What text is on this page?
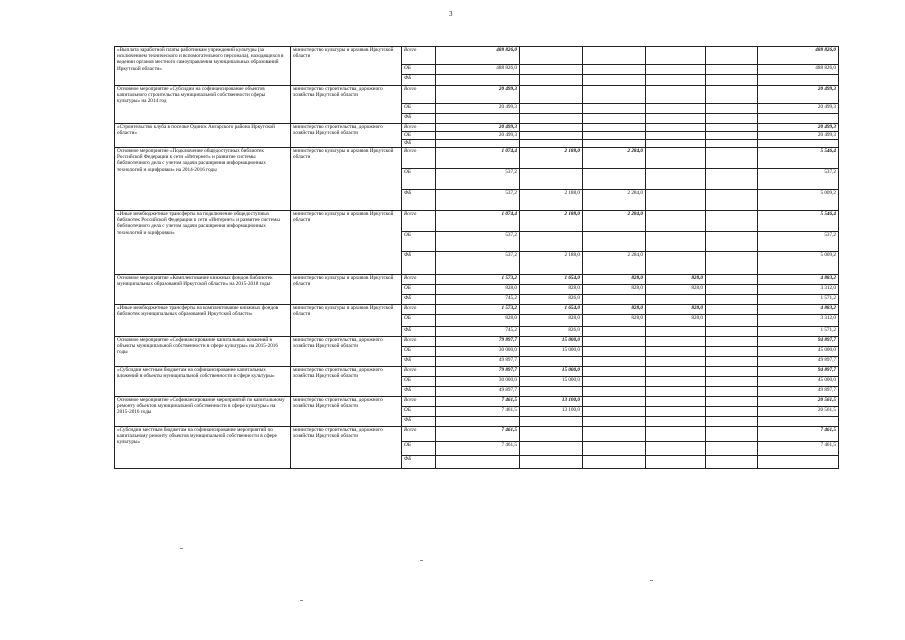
3
«Выплата заработной платы работникам учреждений культуры (за исключением технического и вспомогательного персонала), находящихся в ведении органов местного самоуправления муниципальных образований Иркутской области»	министерство культуры и архивов Иркутской области	Всего	488 826,0					488 826,0
		ОБ	488 826,0					488 826,0
		ФБ						
Основное мероприятие «Субсидии на софинансирование объектов капитального строительства муниципальной собственности сферы культуры» на 2014 год	министерство строительства, дорожного хозяйства Иркутской области	Всего	20 499,3					20 499,3
		ОБ	20 499,3					20 499,3
		ФБ						
«Строительство клуба в поселке Одинск Ангарского района Иркутской области»	министерство строительства, дорожного хозяйства Иркутской области	Всего	20 499,3					20 499,3
		ОБ	20 499,3					20 499,3
		ФБ						
Основное мероприятие «Подключение общедоступных библиотек Российской Федерации к сети «Интернет» и развитие системы библиотечного дела с учетом задачи расширения информационных технологий и оцифровки» на 2014-2016 годы	министерство культуры и архивов Иркутской области	Всего	1 074,4	2 188,0	2 284,0			5 546,4
		ОБ	537,2					537,2
		ФБ	537,2	2 188,0	2 284,0			5 009,2
«Иные межбюджетные трансферты на подключение общедоступных библиотек Российской Федерации к сети «Интернет» и развитие системы библиотечного дела с учетом задачи расширения информационных технологий и оцифровки»	министерство культуры и архивов Иркутской области	Всего	1 074,4	2 188,0	2 284,0			5 546,4
		ОБ	537,2					537,2
		ФБ	537,2	2 188,0	2 284,0			5 009,2
Основное мероприятие «Комплектование книжных фондов библиотек муниципальных образований Иркутской области» на 2015-2018 годы	министерство культуры и архивов Иркутской области	Всего	1 573,2	1 654,0	828,0	828,0		4 883,2
		ОБ	828,0	828,0	828,0	828,0		3 312,0
		ФБ	745,2	826,0				1 571,2
«Иные межбюджетные трансферты на комплектование книжных фондов библиотек муниципальных образований Иркутской области»	министерство культуры и архивов Иркутской области	Всего	1 573,2	1 654,0	828,0	828,0		4 883,2
		ОБ	828,0	828,0	828,0	828,0		3 312,0
		ФБ	745,2	826,0				1 571,2
Основное мероприятие «Софинансирование капитальных вложений в объекты муниципальной собственности в сфере культуры» на 2015-2016 годы	министерство строительства, дорожного хозяйства Иркутской области	Всего	79 897,7	15 000,0				94 897,7
		ОБ	30 000,0	15 000,0				45 000,0
		ФБ	49 897,7					49 897,7
«Субсидии местным бюджетам на софинансирование капитальных вложений в объекты муниципальной собственности в сфере культуры»	министерство строительства, дорожного хозяйства Иркутской области	Всего	79 897,7	15 000,0				94 897,7
		ОБ	30 000,0	15 000,0				45 000,0
		ФБ	49 897,7					49 897,7
Основное мероприятие «Софинансирование мероприятий по капитальному ремонту объектов муниципальной собственности в сфере культуры» на 2015-2016 годы	министерство строительства, дорожного хозяйства Иркутской области	Всего	7 461,5	13 100,0				20 561,5
		ОБ	7 461,5	13 100,0				20 561,5
		ФБ						
«Субсидии местным бюджетам на софинансирование мероприятий по капитальному ремонту объектов муниципальной собственности в сфере культуры»	министерство строительства, дорожного хозяйства Иркутской области	Всего	7 461,5					7 461,5
		ОБ	7 461,5					7 461,5
		ФБ						
